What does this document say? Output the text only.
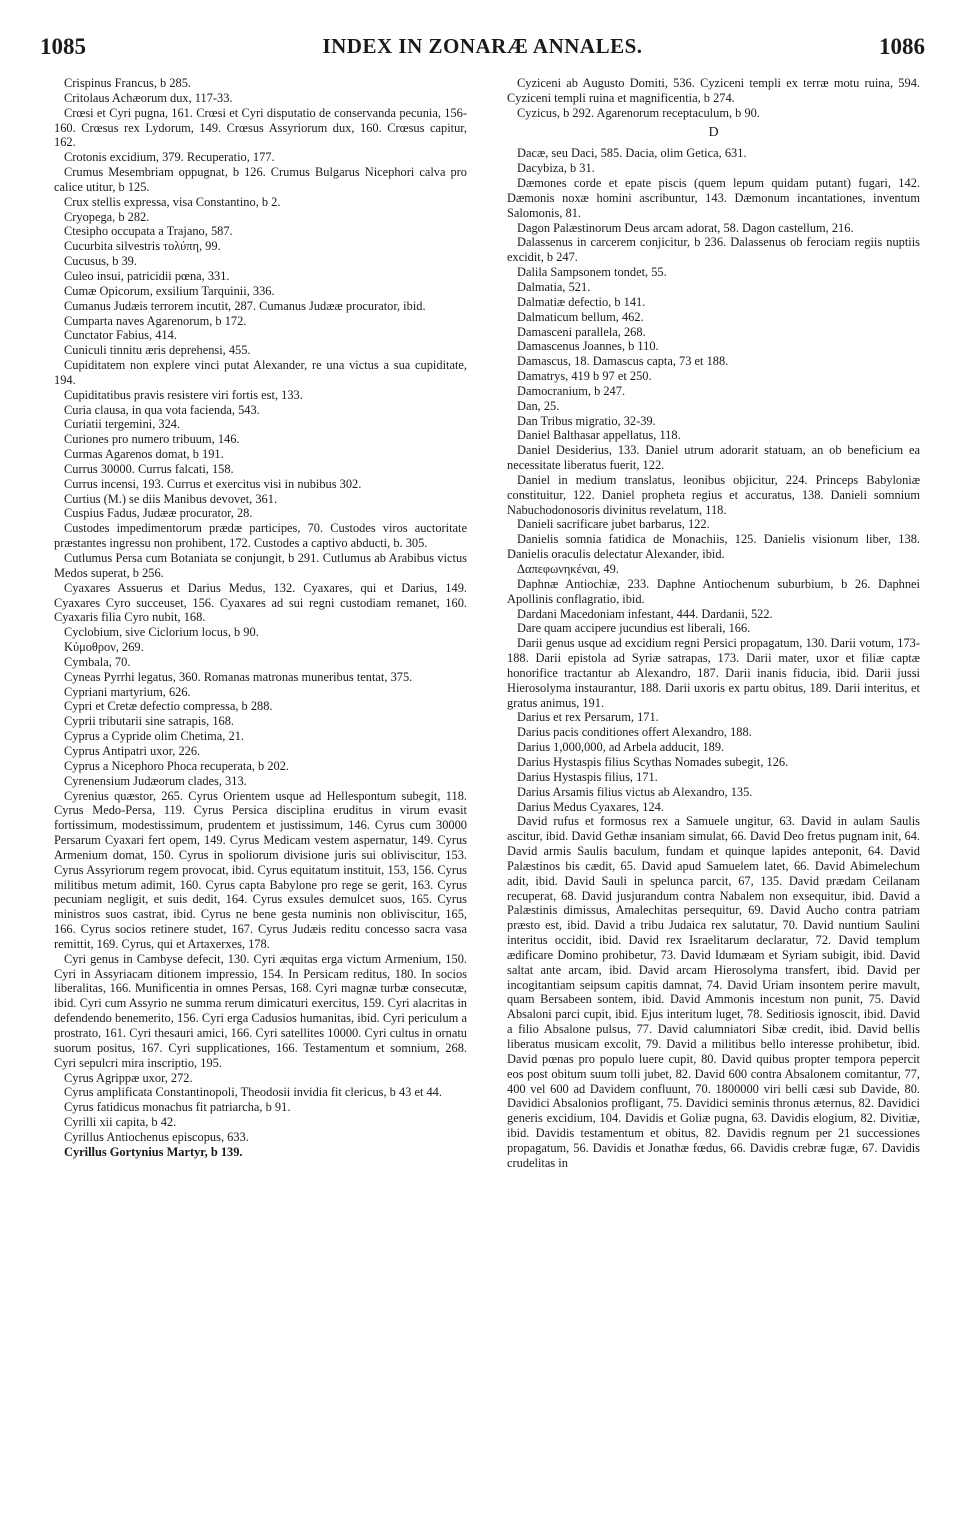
1085	INDEX IN ZONARÆ ANNALES.	1086

Crispinus Francus, b 285.

Critolaus Achæorum dux, 117-33.

Crœsi et Cyri pugna, 161. Crœsi et Cyri disputatio de conservanda pecunia, 156-160. Crœsus rex Lydorum, 149. Crœsus Assyriorum dux, 160. Crœsus capitur, 162.

Crotonis excidium, 379. Recuperatio, 177.

Crumus Mesembriam oppugnat, b 126. Crumus Bulgarus Nicephori calva pro calice utitur, b 125.

Crux stellis expressa, visa Constantino, b 2.

Cryopega, b 282.

Ctesipho occupata a Trajano, 587.

Cucurbita silvestris τολύπη, 99.

Cucusus, b 39.

Culeo insui, patricidii pœna, 331.

Cumæ Opicorum, exsilium Tarquinii, 336.

Cumanus Judæis terrorem incutit, 287. Cumanus Judææ procurator, ibid.

Cumparta naves Agarenorum, b 172.

Cunctator Fabius, 414.

Cuniculi tinnitu æris deprehensi, 455.

Cupiditatem non explere vinci putat Alexander, re una victus a sua cupiditate, 194.

Cupiditatibus pravis resistere viri fortis est, 133.

Curia clausa, in qua vota facienda, 543.

Curiatii tergemini, 324.

Curiones pro numero tribuum, 146.

Curmas Agarenos domat, b 191.

Currus 30000. Currus falcati, 158.

Currus incensi, 193. Currus et exercitus visi in nubibus 302.

Curtius (M.) se diis Manibus devovet, 361.

Cuspius Fadus, Judææ procurator, 28.

Custodes impedimentorum prædæ participes, 70. Custodes viros auctoritate præstantes ingressu non prohibent, 172. Custodes a captivo abducti, b. 305.

Cutlumus Persa cum Botaniata se conjungit, b 291. Cutlumus ab Arabibus victus Medos superat, b 256.

Cyaxares Assuerus et Darius Medus, 132. Cyaxares, qui et Darius, 149. Cyaxares Cyro succeuset, 156. Cyaxares ad sui regni custodiam remanet, 160. Cyaxaris filia Cyro nubit, 168.

Cyclobium, sive Ciclorium locus, b 90.

Κύμοθρον, 269.

Cymbala, 70.

Cyneas Pyrrhi legatus, 360. Romanas matronas muneribus tentat, 375.

Cypriani martyrium, 626.

Cypri et Cretæ defectio compressa, b 288.

Cyprii tributarii sine satrapis, 168.

Cyprus a Cypride olim Chetima, 21.

Cyprus Antipatri uxor, 226.

Cyprus a Nicephoro Phoca recuperata, b 202.

Cyrenensium Judæorum clades, 313.

Cyrenius quæstor, 265. Cyrus Orientem usque ad Hellespontum subegit, 118. Cyrus Medo-Persa, 119. Cyrus Persica disciplina eruditus in virum evasit fortissimum, modestissimum, prudentem et justissimum, 146. Cyrus cum 30000 Persarum Cyaxari fert opem, 149. Cyrus Medicam vestem aspernatur, 149. Cyrus Armenium domat, 150. Cyrus in spoliorum divisione juris sui obliviscitur, 153. Cyrus Assyriorum regem provocat, ibid. Cyrus equitatum instituit, 153, 156. Cyrus militibus metum adimit, 160. Cyrus capta Babylone pro rege se gerit, 163. Cyrus pecuniam negligit, et suis dedit, 164. Cyrus exsules demulcet suos, 165. Cyrus ministros suos castrat, ibid. Cyrus ne bene gesta numinis non obliviscitur, 165, 166. Cyrus socios retinere studet, 167. Cyrus Judæis reditu concesso sacra vasa remittit, 169. Cyrus, qui et Artaxerxes, 178.

Cyri genus in Cambyse defecit, 130. Cyri æquitas erga victum Armenium, 150. Cyri in Assyriacam ditionem impressio, 154. In Persicam reditus, 180. In socios liberalitas, 166. Munificentia in omnes Persas, 168. Cyri magnæ turbæ consecutæ, ibid. Cyri cum Assyrio ne summa rerum dimicaturi exercitus, 159. Cyri alacritas in defendendo benemerito, 156. Cyri erga Cadusios humanitas, ibid. Cyri periculum a prostrato, 161. Cyri thesauri amici, 166. Cyri satellites 10000. Cyri cultus in ornatu suorum positus, 167. Cyri supplicationes, 166. Testamentum et somnium, 268. Cyri sepulcri mira inscriptio, 195.

Cyrus Agrippæ uxor, 272.

Cyrus amplificata Constantinopoli, Theodosii invidia fit clericus, b 43 et 44.

Cyrus fatidicus monachus fit patriarcha, b 91.

Cyrilli xii capita, b 42.

Cyrillus Antiochenus episcopus, 633.

Cyrillus Gortynius Martyr, b 139.

Cyziceni ab Augusto Domiti, 536. Cyziceni templi ex terræ motu ruina, 594. Cyziceni templi ruina et magnificentia, b 274.

Cyzicus, b 292. Agarenorum receptaculum, b 90.

D

Dacæ, seu Daci, 585. Dacia, olim Getica, 631.

Dacybiza, b 31.

Dæmones corde et epate piscis (quem lepum quidam putant) fugari, 142. Dæmonis noxæ homini ascribuntur, 143. Dæmonum incantationes, inventum Salomonis, 81.

Dagon Palæstinorum Deus arcam adorat, 58. Dagon castellum, 216.

Dalassenus in carcerem conjicitur, b 236. Dalassenus ob ferociam regiis nuptiis excidit, b 247.

Dalila Sampsonem tondet, 55.

Dalmatia, 521.

Dalmatiæ defectio, b 141.

Dalmaticum bellum, 462.

Damasceni parallela, 268.

Damascenus Joannes, b 110.

Damascus, 18. Damascus capta, 73 et 188.

Damatrys, 419 b 97 et 250.

Damocranium, b 247.

Dan, 25.

Dan Tribus migratio, 32-39.

Daniel Balthasar appellatus, 118.

Daniel Desiderius, 133. Daniel utrum adorarit statuam, an ob beneficium ea necessitate liberatus fuerit, 122.

Daniel in medium translatus, leonibus objicitur, 224. Princeps Babyloniæ constituitur, 122. Daniel propheta regius et accuratus, 138. Danieli somnium Nabuchodonosoris divinitus revelatum, 118.

Danieli sacrificare jubet barbarus, 122.

Danielis somnia fatidica de Monachiis, 125. Danielis visionum liber, 138. Danielis oraculis delectatur Alexander, ibid.

Δαπεφωνηκέναι, 49.

Daphnæ Antiochiæ, 233. Daphne Antiochenum suburbium, b 26. Daphnei Apollinis conflagratio, ibid.

Dardani Macedoniam infestant, 444. Dardanii, 522.

Dare quam accipere jucundius est liberali, 166.

Darii genus usque ad excidium regni Persici propagatum, 130. Darii votum, 173-188. Darii epistola ad Syriæ satrapas, 173. Darii mater, uxor et filiæ captæ honorifice tractantur ab Alexandro, 187. Darii inanis fiducia, ibid. Darii jussi Hierosolyma instaurantur, 188. Darii uxoris ex partu obitus, 189. Darii interitus, et gratus animus, 191.

Darius et rex Persarum, 171.

Darius pacis conditiones offert Alexandro, 188.

Darius 1,000,000, ad Arbela adducit, 189.

Darius Hystaspis filius Scythas Nomades subegit, 126.

Darius Hystaspis filius, 171.

Darius Arsamis filius victus ab Alexandro, 135.

Darius Medus Cyaxares, 124.

David rufus et formosus rex a Samuele ungitur, 63. David in aulam Saulis ascitur, ibid. David Gethæ insaniam simulat, 66. David Deo fretus pugnam init, 64. David armis Saulis baculum, fundam et quinque lapides anteponit, 64. David Palæstinos bis cædit, 65. David apud Samuelem latet, 66. David Abimelechum adit, ibid. David Sauli in spelunca parcit, 67, 135. David prædam Ceilanam recuperat, 68. David jusjurandum contra Nabalem non exsequitur, ibid. David a Palæstinis dimissus, Amalechitas persequitur, 69. David Aucho contra patriam præsto est, ibid. David a tribu Judaica rex salutatur, 70. David nuntium Saulini interitus occidit, ibid. David rex Israelitarum declaratur, 72. David templum ædificare Domino prohibetur, 73. David Idumæam et Syriam subigit, ibid. David saltat ante arcam, ibid. David arcam Hierosolyma transfert, ibid. David per incogitantiam seipsum capitis damnat, 74. David Uriam insontem perire mavult, quam Bersabeen sontem, ibid. David Ammonis incestum non punit, 75. David Absaloni parci cupit, ibid. Ejus interitum luget, 78. Seditiosis ignoscit, ibid. David a filio Absalone pulsus, 77. David calumniatori Sibæ credit, ibid. David bellis liberatus musicam excolit, 79. David a militibus bello interesse prohibetur, ibid. David pœnas pro populo luere cupit, 80. David quibus propter tempora pepercit eos post obitum suum tolli jubet, 82. David 600 contra Absalonem comitantur, 77, 400 vel 600 ad Davidem confluunt, 70. 1800000 viri belli cæsi sub Davide, 80. Davidici Absalonios profligant, 75. Davidici seminis thronus æternus, 82. Davidici generis excidium, 104. Davidis et Goliæ pugna, 63. Davidis elogium, 82. Divitiæ, ibid. Davidis testamentum et obitus, 82. Davidis regnum per 21 successiones propagatum, 56. Davidis et Jonathæ fœdus, 66. Davidis crebræ fugæ, 67. Davidis crudelitas in
